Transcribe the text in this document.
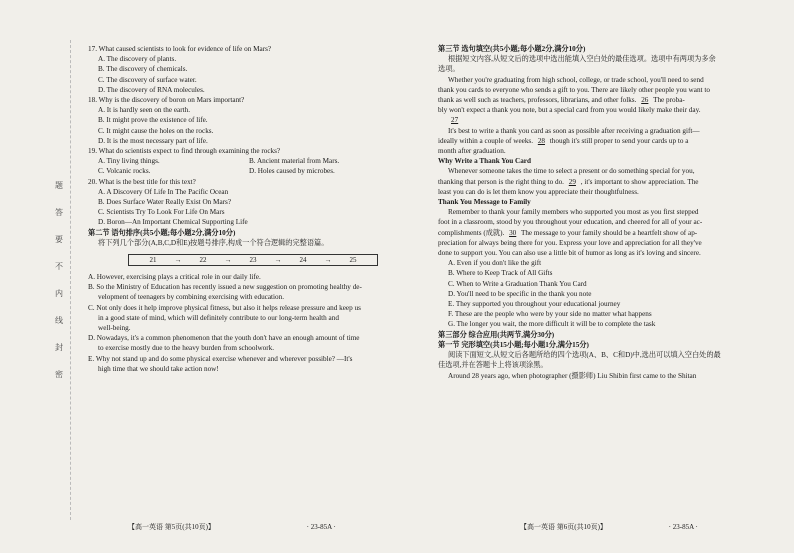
题
答
要
不
内
线
封
密
17. What caused scientists to look for evidence of life on Mars?
A. The discovery of plants.
B. The discovery of chemicals.
C. The discovery of surface water.
D. The discovery of RNA molecules.
18. Why is the discovery of boron on Mars important?
A. It is hardly seen on the earth.
B. It might prove the existence of life.
C. It might cause the holes on the rocks.
D. It is the most necessary part of life.
19. What do scientists expect to find through examining the rocks?
A. Tiny living things.	B. Ancient material from Mars.
C. Volcanic rocks.	D. Holes caused by microbes.
20. What is the best title for this text?
A. A Discovery Of Life In The Pacific Ocean
B. Does Surface Water Really Exist On Mars?
C. Scientists Try To Look For Life On Mars
D. Boron—An Important Chemical Supporting Life
第二节 语句排序(共5小题;每小题2分,满分10分)
将下列几个部分(A,B,C,D和E)按题号排序,构成一个符合逻辑的完整语篇。
21	→	22	→	23	→	24	→	25
A. However, exercising plays a critical role in our daily life.
B. So the Ministry of Education has recently issued a new suggestion on promoting healthy de-
velopment of teenagers by combining exercising with education.
C. Not only does it help improve physical fitness, but also it helps release pressure and keep us
in a good state of mind, which will definitely contribute to our long-term health and
well-being.
D. Nowadays, it's a common phenomenon that the youth don't have an enough amount of time
to exercise mostly due to the heavy burden from schoolwork.
E. Why not stand up and do some physical exercise whenever and wherever possible? —It's
high time that we should take action now!
【高一英语 第5页(共10页)】	· 23-85A ·
第三节 选句填空(共5小题;每小题2分,满分10分)
根据短文内容,从短文后的选项中选出能填入空白处的最佳选项。选项中有两项为多余
选项。
Whether you're graduating from high school, college, or trade school, you'll need to send
thank you cards to everyone who sends a gift to you. There are likely other people you want to
thank as well such as teachers, professors, librarians, and other folks. 26 The proba-
bly won't expect a thank you note, but a special card from you would likely make their day.
27
It's best to write a thank you card as soon as possible after receiving a graduation gift—
ideally within a couple of weeks. 28 though it's still proper to send your cards up to a
month after graduation.
Why Write a Thank You Card
Whenever someone takes the time to select a present or do something special for you,
thanking that person is the right thing to do. 29 , it's important to show appreciation. The
least you can do is let them know you appreciate their thoughtfulness.
Thank You Message to Family
Remember to thank your family members who supported you most as you first stepped
foot in a classroom, stood by you throughout your education, and cheered for all of your ac-
complishments (成就). 30 The message to your family should be a heartfelt show of ap-
preciation for always being there for you. Express your love and appreciation for all they've
done to support you. You can also use a little bit of humor as long as it's loving and sincere.
A. Even if you don't like the gift
B. Where to Keep Track of All Gifts
C. When to Write a Graduation Thank You Card
D. You'll need to be specific in the thank you note
E. They supported you throughout your educational journey
F. These are the people who were by your side no matter what happens
G. The longer you wait, the more difficult it will be to complete the task
第三部分 综合应用(共两节,满分30分)
第一节 完形填空(共15小题;每小题1分,满分15分)
阅读下面短文,从短文后各题所给的四个选项(A、B、C和D)中,选出可以填入空白处的最
佳选项,并在答题卡上将该项涂黑。
Around 28 years ago, when photographer (摄影师) Liu Shibin first came to the Shitan
【高一英语 第6页(共10页)】	· 23-85A ·
